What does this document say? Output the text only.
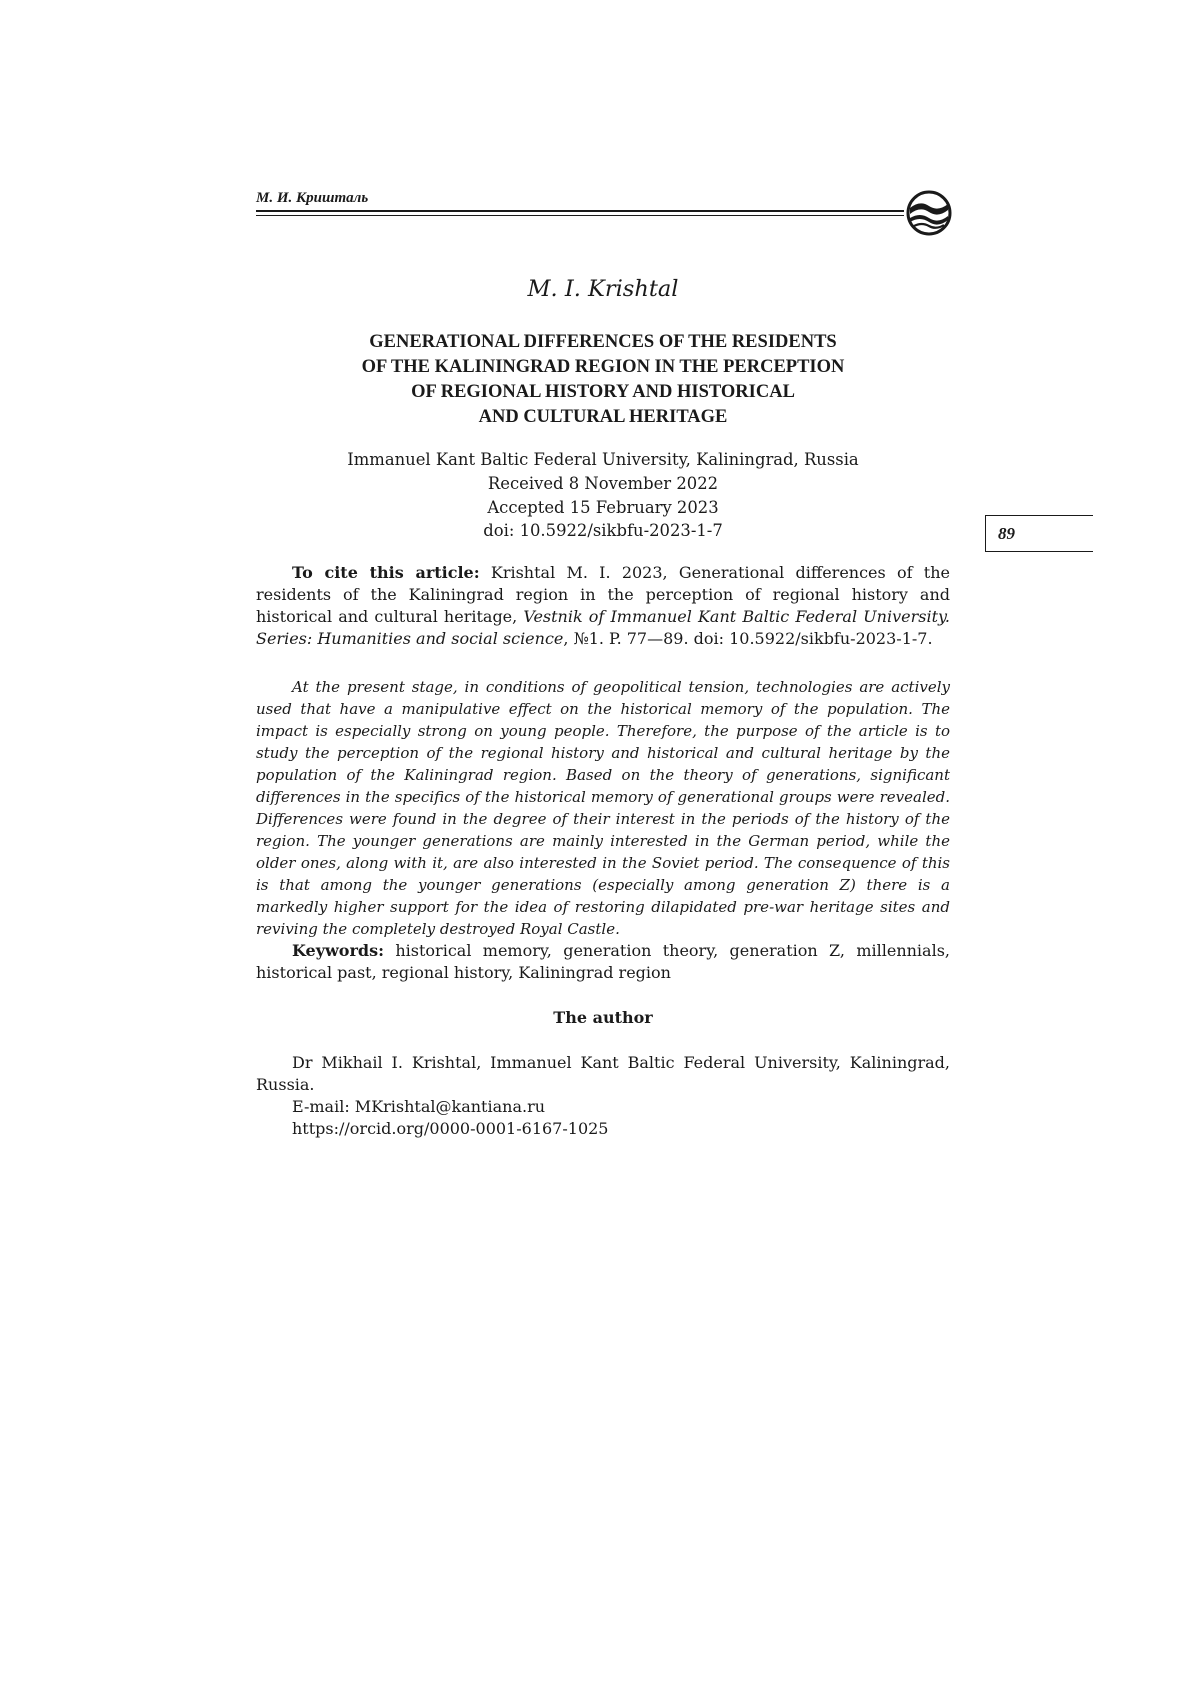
М. И. Криштaль
M. I. Krishtal
GENERATIONAL DIFFERENCES OF THE RESIDENTS
OF THE KALININGRAD REGION IN THE PERCEPTION
OF REGIONAL HISTORY AND HISTORICAL
AND CULTURAL HERITAGE
Immanuel Kant Baltic Federal University, Kaliningrad, Russia
Received 8 November 2022
Accepted 15 February 2023
doi: 10.5922/sikbfu-2023-1-7	89

To cite this article: Krishtal M. I. 2023, Generational differences of the residents of the Kaliningrad region in the perception of regional history and historical and cultural heritage, Vestnik of Immanuel Kant Baltic Federal University. Series: Humanities and social science, №1. P. 77—89. doi: 10.5922/sikbfu-2023-1-7.

At the present stage, in conditions of geopolitical tension, technologies are actively used that have a manipulative effect on the historical memory of the population. The impact is especially strong on young people. Therefore, the purpose of the article is to study the perception of the regional history and historical and cultural heritage by the population of the Kaliningrad region. Based on the theory of generations, significant differences in the specifics of the historical memory of generational groups were revealed. Differences were found in the degree of their interest in the periods of the history of the region. The younger generations are mainly interested in the German period, while the older ones, along with it, are also interested in the Soviet period. The consequence of this is that among the younger generations (especially among generation Z) there is a markedly higher support for the idea of restoring dilapidated pre-war heritage sites and reviving the completely destroyed Royal Castle.

Keywords: historical memory, generation theory, generation Z, millennials, historical past, regional history, Kaliningrad region

The author

Dr Mikhail I. Krishtal, Immanuel Kant Baltic Federal University, Kaliningrad, Russia.

E-mail: MKrishtal@kantiana.ru
https://orcid.org/0000-0001-6167-1025
